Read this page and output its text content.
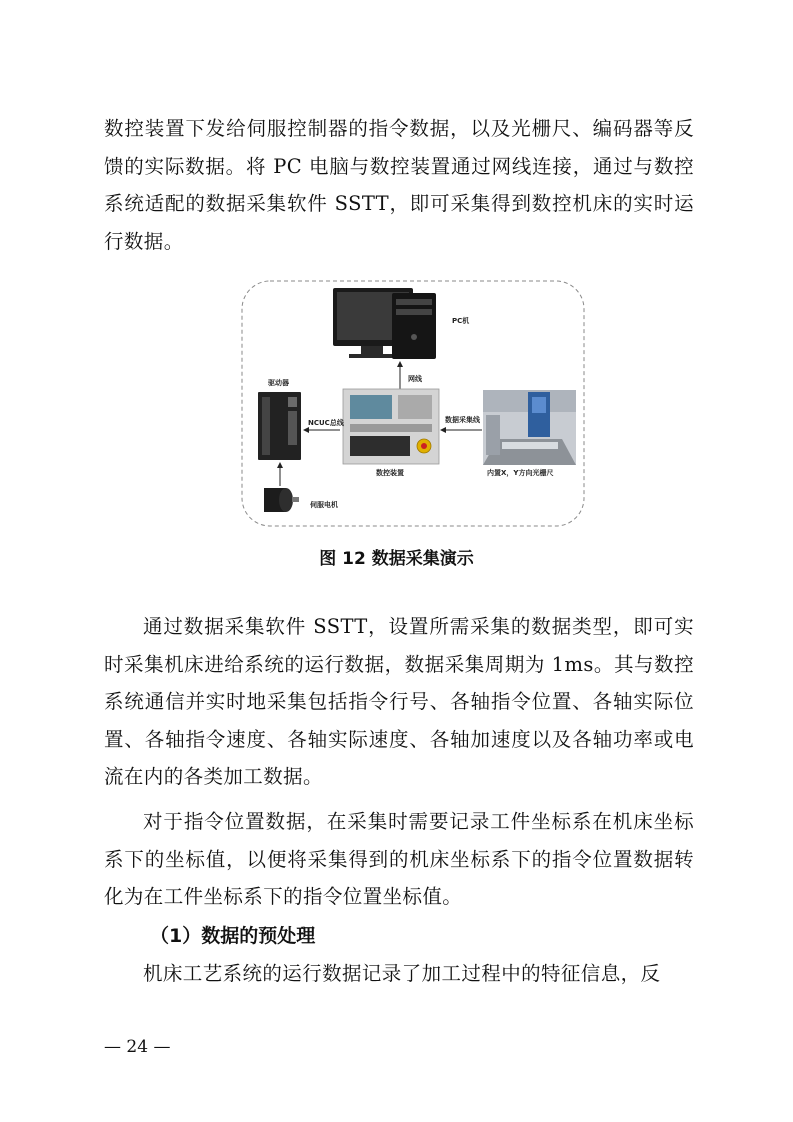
数控装置下发给伺服控制器的指令数据，以及光栅尺、编码器等反馈的实际数据。将 PC 电脑与数控装置通过网线连接，通过与数控系统适配的数据采集软件 SSTT，即可采集得到数控机床的实时运行数据。

PC机
网线
数控装置
驱动器
NCUC总线
伺服电机
数据采集线
内置X，Y方向光栅尺
图 12 数据采集演示

通过数据采集软件 SSTT，设置所需采集的数据类型，即可实时采集机床进给系统的运行数据，数据采集周期为 1ms。其与数控系统通信并实时地采集包括指令行号、各轴指令位置、各轴实际位置、各轴指令速度、各轴实际速度、各轴加速度以及各轴功率或电流在内的各类加工数据。

对于指令位置数据，在采集时需要记录工件坐标系在机床坐标系下的坐标值，以便将采集得到的机床坐标系下的指令位置数据转化为在工件坐标系下的指令位置坐标值。

（1）数据的预处理

机床工艺系统的运行数据记录了加工过程中的特征信息，反

— 24 —
